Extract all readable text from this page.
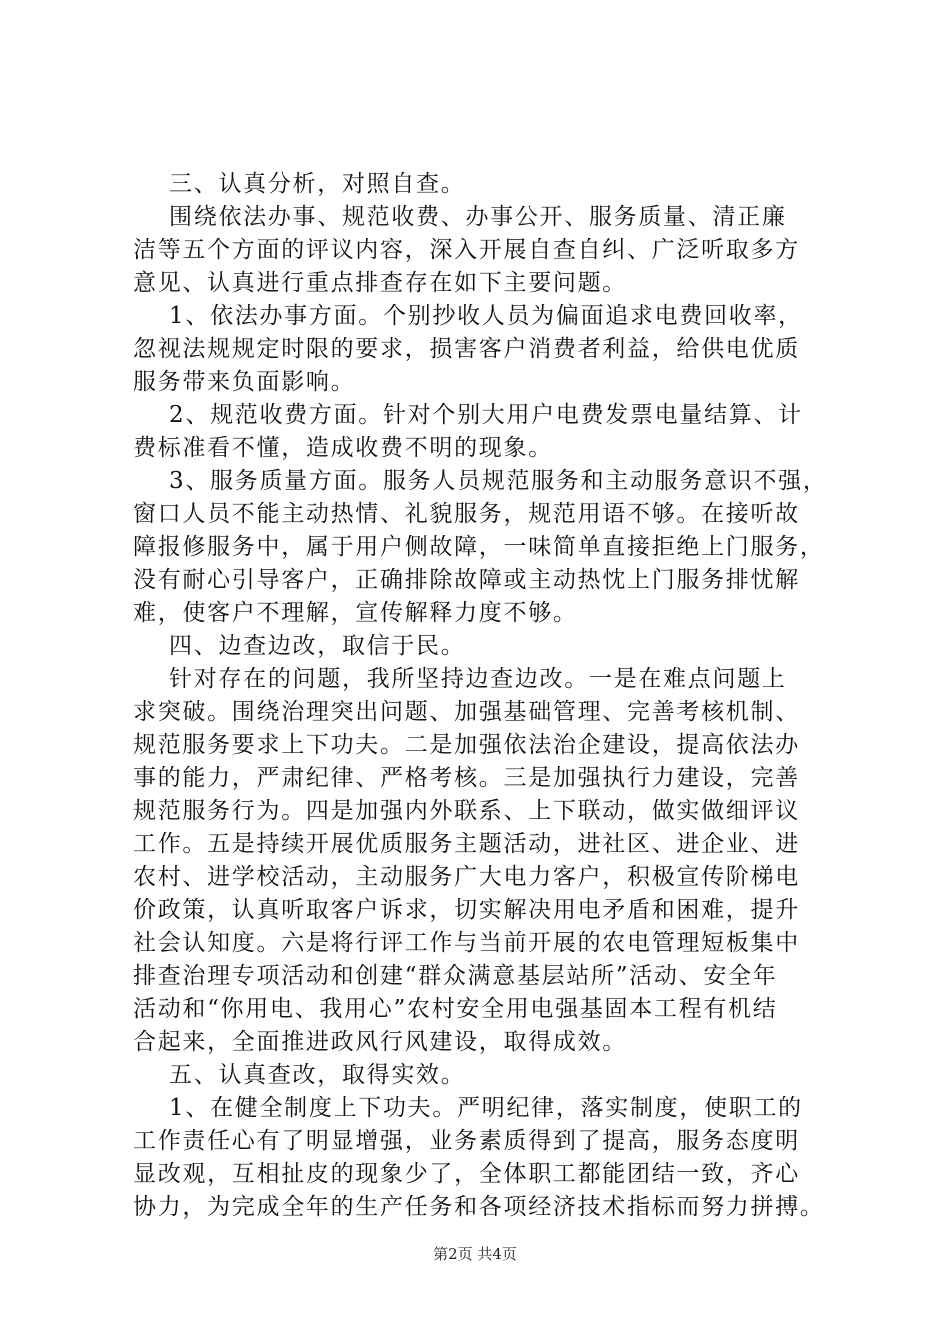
三、认真分析，对照自查。
围绕依法办事、规范收费、办事公开、服务质量、清正廉
洁等五个方面的评议内容，深入开展自查自纠、广泛听取多方
意见、认真进行重点排查存在如下主要问题。
1、依法办事方面。个别抄收人员为偏面追求电费回收率，
忽视法规规定时限的要求，损害客户消费者利益，给供电优质
服务带来负面影响。
2、规范收费方面。针对个别大用户电费发票电量结算、计
费标准看不懂，造成收费不明的现象。
3、服务质量方面。服务人员规范服务和主动服务意识不强，
窗口人员不能主动热情、礼貌服务，规范用语不够。在接听故
障报修服务中，属于用户侧故障，一味简单直接拒绝上门服务，
没有耐心引导客户，正确排除故障或主动热忱上门服务排忧解
难，使客户不理解，宣传解释力度不够。
四、边查边改，取信于民。
针对存在的问题，我所坚持边查边改。一是在难点问题上
求突破。围绕治理突出问题、加强基础管理、完善考核机制、
规范服务要求上下功夫。二是加强依法治企建设，提高依法办
事的能力，严肃纪律、严格考核。三是加强执行力建设，完善
规范服务行为。四是加强内外联系、上下联动，做实做细评议
工作。五是持续开展优质服务主题活动，进社区、进企业、进
农村、进学校活动，主动服务广大电力客户，积极宣传阶梯电
价政策，认真听取客户诉求，切实解决用电矛盾和困难，提升
社会认知度。六是将行评工作与当前开展的农电管理短板集中
排查治理专项活动和创建“群众满意基层站所”活动、安全年
活动和“你用电、我用心”农村安全用电强基固本工程有机结
合起来，全面推进政风行风建设，取得成效。
五、认真查改，取得实效。
1、在健全制度上下功夫。严明纪律，落实制度，使职工的
工作责任心有了明显增强，业务素质得到了提高，服务态度明
显改观，互相扯皮的现象少了，全体职工都能团结一致，齐心
协力，为完成全年的生产任务和各项经济技术指标而努力拼搏。
第2页 共4页
